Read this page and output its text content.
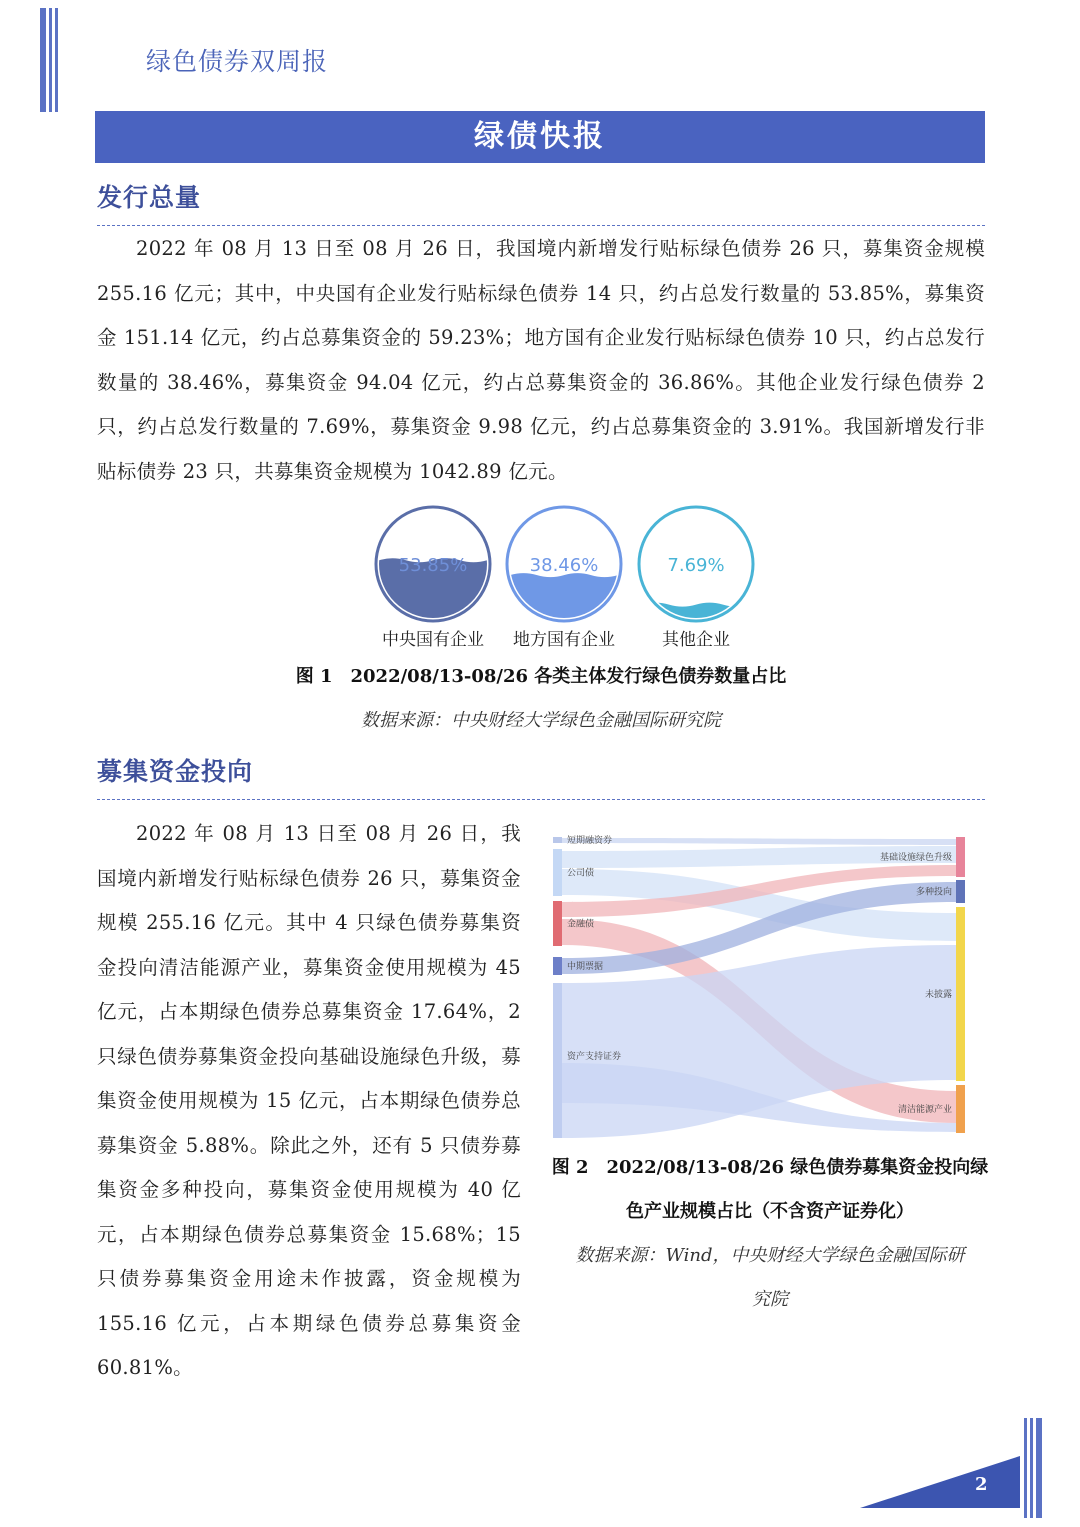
绿色债券双周报
绿债快报
发行总量

2022 年 08 月 13 日至 08 月 26 日，我国境内新增发行贴标绿色债券 26 只，募集资金规模 255.16 亿元；其中，中央国有企业发行贴标绿色债券 14 只，约占总发行数量的 53.85%，募集资金 151.14 亿元，约占总募集资金的 59.23%；地方国有企业发行贴标绿色债券 10 只，约占总发行数量的 38.46%，募集资金 94.04 亿元，约占总募集资金的 36.86%。其他企业发行绿色债券 2 只，约占总发行数量的 7.69%，募集资金 9.98 亿元，约占总募集资金的 3.91%。我国新增发行非贴标债券 23 只，共募集资金规模为 1042.89 亿元。

53.85%	38.46%	7.69%
中央国有企业	地方国有企业	其他企业
图 1　2022/08/13-08/26 各类主体发行绿色债券数量占比
数据来源：中央财经大学绿色金融国际研究院
募集资金投向

2022 年 08 月 13 日至 08 月 26 日，我国境内新增发行贴标绿色债券 26 只，募集资金规模 255.16 亿元。其中 4 只绿色债券募集资金投向清洁能源产业，募集资金使用规模为 45 亿元，占本期绿色债券总募集资金 17.64%，2 只绿色债券募集资金投向基础设施绿色升级，募集资金使用规模为 15 亿元，占本期绿色债券总募集资金 5.88%。除此之外，还有 5 只债券募集资金多种投向，募集资金使用规模为 40 亿元，占本期绿色债券总募集资金 15.68%；15 只债券募集资金用途未作披露，资金规模为 155.16 亿元，占本期绿色债券总募集资金 60.81%。

短期融资券
公司债
金融债
中期票据
资产支持证券
基础设施绿色升级
多种投向
未披露
清洁能源产业
图 2　2022/08/13-08/26 绿色债券募集资金投向绿
色产业规模占比（不含资产证券化）
数据来源：Wind，中央财经大学绿色金融国际研
究院
2
